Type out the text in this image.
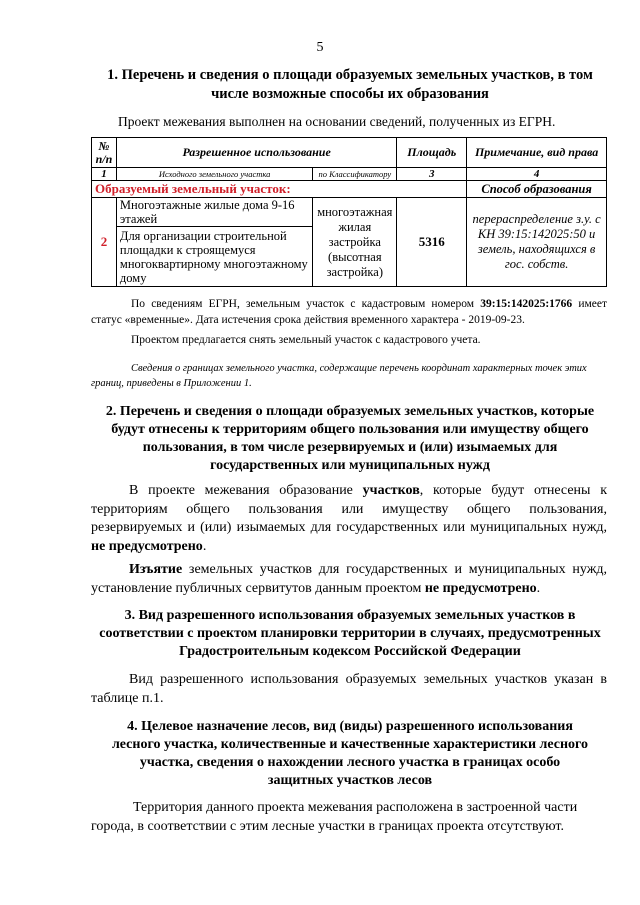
5
1. Перечень и сведения о площади образуемых земельных участков, в том
числе возможные способы их образования
Проект межевания выполнен на основании сведений, полученных из ЕГРН.
№ п/п	Разрешенное использование		Площадь	Примечание, вид права
1	Исходного земельного участка	по Классификатору	3	4
Образуемый земельный участок:				Способ образования
2	Многоэтажные жилые дома 9-16 этажей	многоэтажная жилая застройка (высотная застройка)	5316	перераспределение з.у. с КН 39:15:142025:50 и земель, находящихся в гос. собств.
	Для организации строительной площадки к строящемуся многоквартирному многоэтажному дому			

По сведениям ЕГРН, земельным участок с кадастровым номером 39:15:142025:1766 имеет статус «временные». Дата истечения срока действия временного характера - 2019-09-23.

Проектом предлагается снять земельный участок с кадастрового учета.

Сведения о границах земельного участка, содержащие перечень координат характерных точек этих границ, приведены в Приложении 1.

2. Перечень и сведения о площади образуемых земельных участков, которые
будут отнесены к территориям общего пользования или имуществу общего
пользования, в том числе резервируемых и (или) изымаемых для
государственных или муниципальных нужд

В проекте межевания образование участков, которые будут отнесены к территориям общего пользования или имуществу общего пользования, резервируемых и (или) изымаемых для государственных или муниципальных нужд, не предусмотрено.

Изъятие земельных участков для государственных и муниципальных нужд, установление публичных сервитутов данным проектом не предусмотрено.

3. Вид разрешенного использования образуемых земельных участков в
соответствии с проектом планировки территории в случаях, предусмотренных
Градостроительным кодексом Российской Федерации

Вид разрешенного использования образуемых земельных участков указан в таблице п.1.

4. Целевое назначение лесов, вид (виды) разрешенного использования
лесного участка, количественные и качественные характеристики лесного
участка, сведения о нахождении лесного участка в границах особо
защитных участков лесов

Территория данного проекта межевания расположена в застроенной части города, в соответствии с этим лесные участки в границах проекта отсутствуют.
